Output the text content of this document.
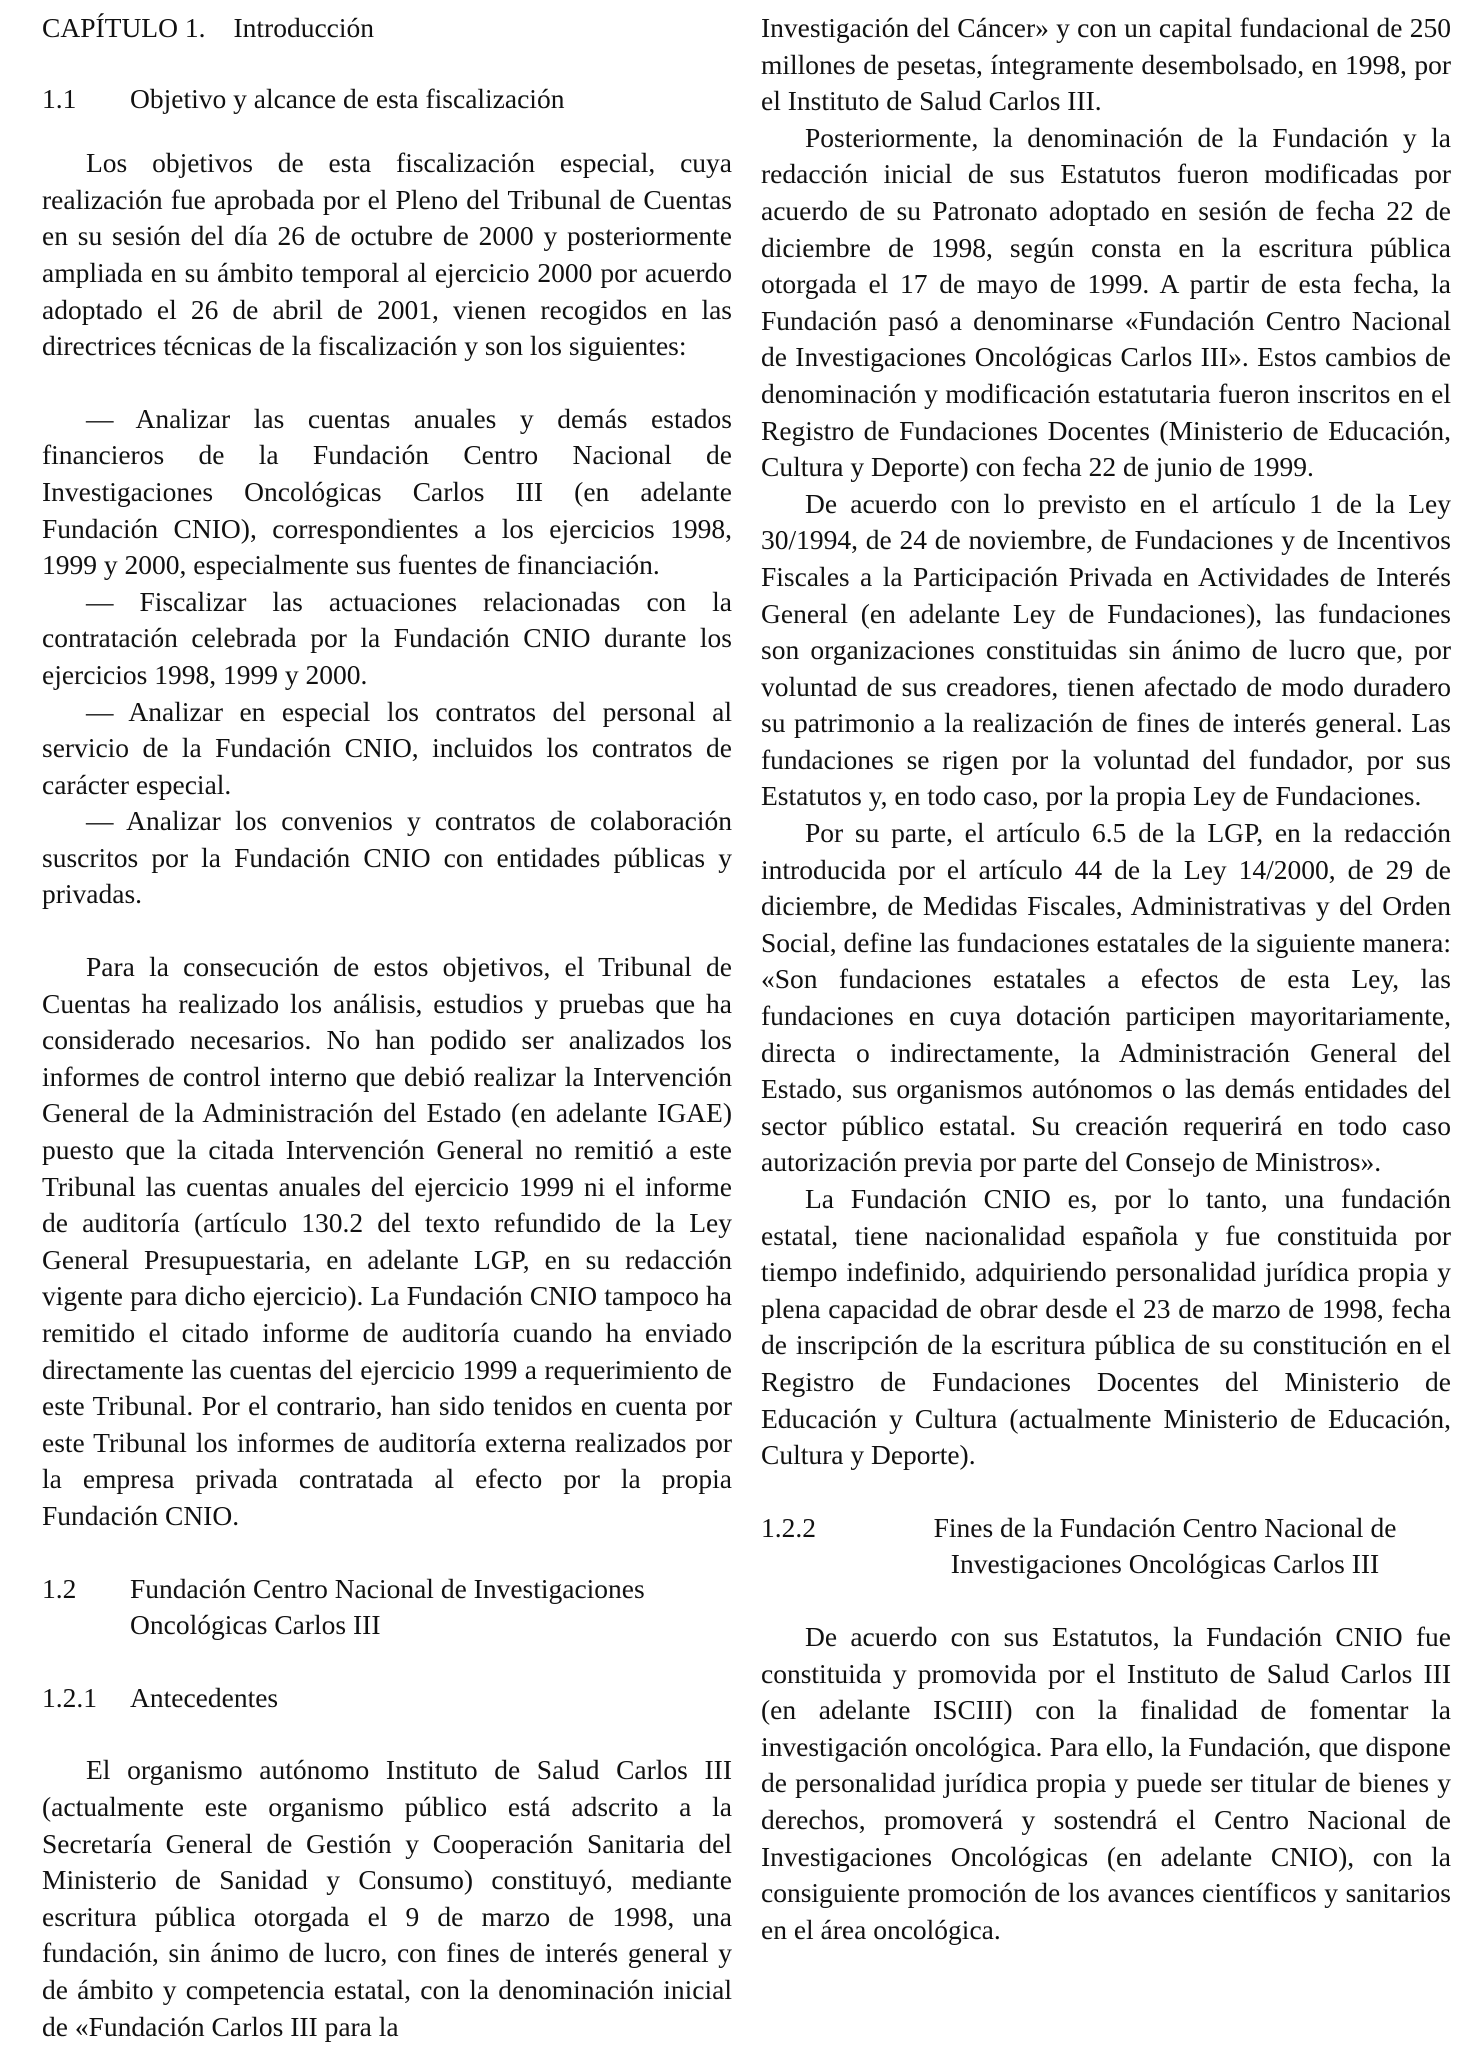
CAPÍTULO 1. Introducción
1.1	Objetivo y alcance de esta fiscalización

Los objetivos de esta fiscalización especial, cuya realización fue aprobada por el Pleno del Tribunal de Cuentas en su sesión del día 26 de octubre de 2000 y posteriormente ampliada en su ámbito temporal al ejercicio 2000 por acuerdo adoptado el 26 de abril de 2001, vienen recogidos en las directrices técnicas de la fiscalización y son los siguientes:

— Analizar las cuentas anuales y demás estados financieros de la Fundación Centro Nacional de Investigaciones Oncológicas Carlos III (en adelante Fundación CNIO), correspondientes a los ejercicios 1998, 1999 y 2000, especialmente sus fuentes de financiación.

— Fiscalizar las actuaciones relacionadas con la contratación celebrada por la Fundación CNIO durante los ejercicios 1998, 1999 y 2000.

— Analizar en especial los contratos del personal al servicio de la Fundación CNIO, incluidos los contratos de carácter especial.

— Analizar los convenios y contratos de colaboración suscritos por la Fundación CNIO con entidades públicas y privadas.

Para la consecución de estos objetivos, el Tribunal de Cuentas ha realizado los análisis, estudios y pruebas que ha considerado necesarios. No han podido ser analizados los informes de control interno que debió realizar la Intervención General de la Administración del Estado (en adelante IGAE) puesto que la citada Intervención General no remitió a este Tribunal las cuentas anuales del ejercicio 1999 ni el informe de auditoría (artículo 130.2 del texto refundido de la Ley General Presupuestaria, en adelante LGP, en su redacción vigente para dicho ejercicio). La Fundación CNIO tampoco ha remitido el citado informe de auditoría cuando ha enviado directamente las cuentas del ejercicio 1999 a requerimiento de este Tribunal. Por el contrario, han sido tenidos en cuenta por este Tribunal los informes de auditoría externa realizados por la empresa privada contratada al efecto por la propia Fundación CNIO.

1.2	Fundación Centro Nacional de Investigaciones Oncológicas Carlos III
1.2.1	Antecedentes

El organismo autónomo Instituto de Salud Carlos III (actualmente este organismo público está adscrito a la Secretaría General de Gestión y Cooperación Sanitaria del Ministerio de Sanidad y Consumo) constituyó, mediante escritura pública otorgada el 9 de marzo de 1998, una fundación, sin ánimo de lucro, con fines de interés general y de ámbito y competencia estatal, con la denominación inicial de «Fundación Carlos III para la

Investigación del Cáncer» y con un capital fundacional de 250 millones de pesetas, íntegramente desembolsado, en 1998, por el Instituto de Salud Carlos III.

Posteriormente, la denominación de la Fundación y la redacción inicial de sus Estatutos fueron modificadas por acuerdo de su Patronato adoptado en sesión de fecha 22 de diciembre de 1998, según consta en la escritura pública otorgada el 17 de mayo de 1999. A partir de esta fecha, la Fundación pasó a denominarse «Fundación Centro Nacional de Investigaciones Oncológicas Carlos III». Estos cambios de denominación y modificación estatutaria fueron inscritos en el Registro de Fundaciones Docentes (Ministerio de Educación, Cultura y Deporte) con fecha 22 de junio de 1999.

De acuerdo con lo previsto en el artículo 1 de la Ley 30/1994, de 24 de noviembre, de Fundaciones y de Incentivos Fiscales a la Participación Privada en Actividades de Interés General (en adelante Ley de Fundaciones), las fundaciones son organizaciones constituidas sin ánimo de lucro que, por voluntad de sus creadores, tienen afectado de modo duradero su patrimonio a la realización de fines de interés general. Las fundaciones se rigen por la voluntad del fundador, por sus Estatutos y, en todo caso, por la propia Ley de Fundaciones.

Por su parte, el artículo 6.5 de la LGP, en la redacción introducida por el artículo 44 de la Ley 14/2000, de 29 de diciembre, de Medidas Fiscales, Administrativas y del Orden Social, define las fundaciones estatales de la siguiente manera: «Son fundaciones estatales a efectos de esta Ley, las fundaciones en cuya dotación participen mayoritariamente, directa o indirectamente, la Administración General del Estado, sus organismos autónomos o las demás entidades del sector público estatal. Su creación requerirá en todo caso autorización previa por parte del Consejo de Ministros».

La Fundación CNIO es, por lo tanto, una fundación estatal, tiene nacionalidad española y fue constituida por tiempo indefinido, adquiriendo personalidad jurídica propia y plena capacidad de obrar desde el 23 de marzo de 1998, fecha de inscripción de la escritura pública de su constitución en el Registro de Fundaciones Docentes del Ministerio de Educación y Cultura (actualmente Ministerio de Educación, Cultura y Deporte).

1.2.2	Fines de la Fundación Centro Nacional de Investigaciones Oncológicas Carlos III

De acuerdo con sus Estatutos, la Fundación CNIO fue constituida y promovida por el Instituto de Salud Carlos III (en adelante ISCIII) con la finalidad de fomentar la investigación oncológica. Para ello, la Fundación, que dispone de personalidad jurídica propia y puede ser titular de bienes y derechos, promoverá y sostendrá el Centro Nacional de Investigaciones Oncológicas (en adelante CNIO), con la consiguiente promoción de los avances científicos y sanitarios en el área oncológica.
